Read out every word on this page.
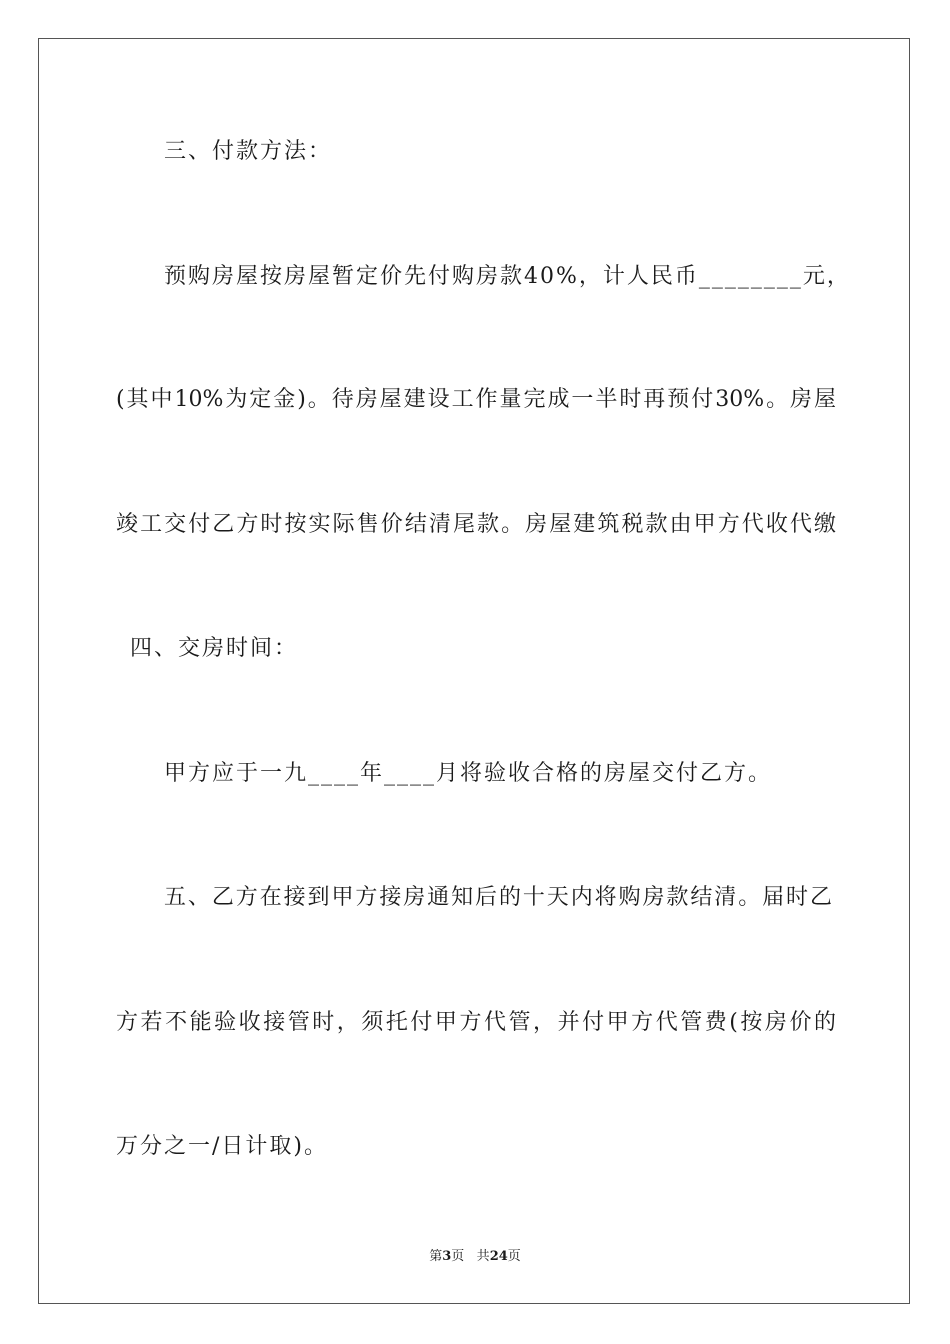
三、付款方法：
预购房屋按房屋暂定价先付购房款40%，计人民币________元，
(其中10%为定金)。待房屋建设工作量完成一半时再预付30%。房屋
竣工交付乙方时按实际售价结清尾款。房屋建筑税款由甲方代收代缴
四、交房时间：
甲方应于一九____年____月将验收合格的房屋交付乙方。
五、乙方在接到甲方接房通知后的十天内将购房款结清。届时乙
方若不能验收接管时，须托付甲方代管，并付甲方代管费(按房价的
万分之一/日计取)。
第3页 共24页
